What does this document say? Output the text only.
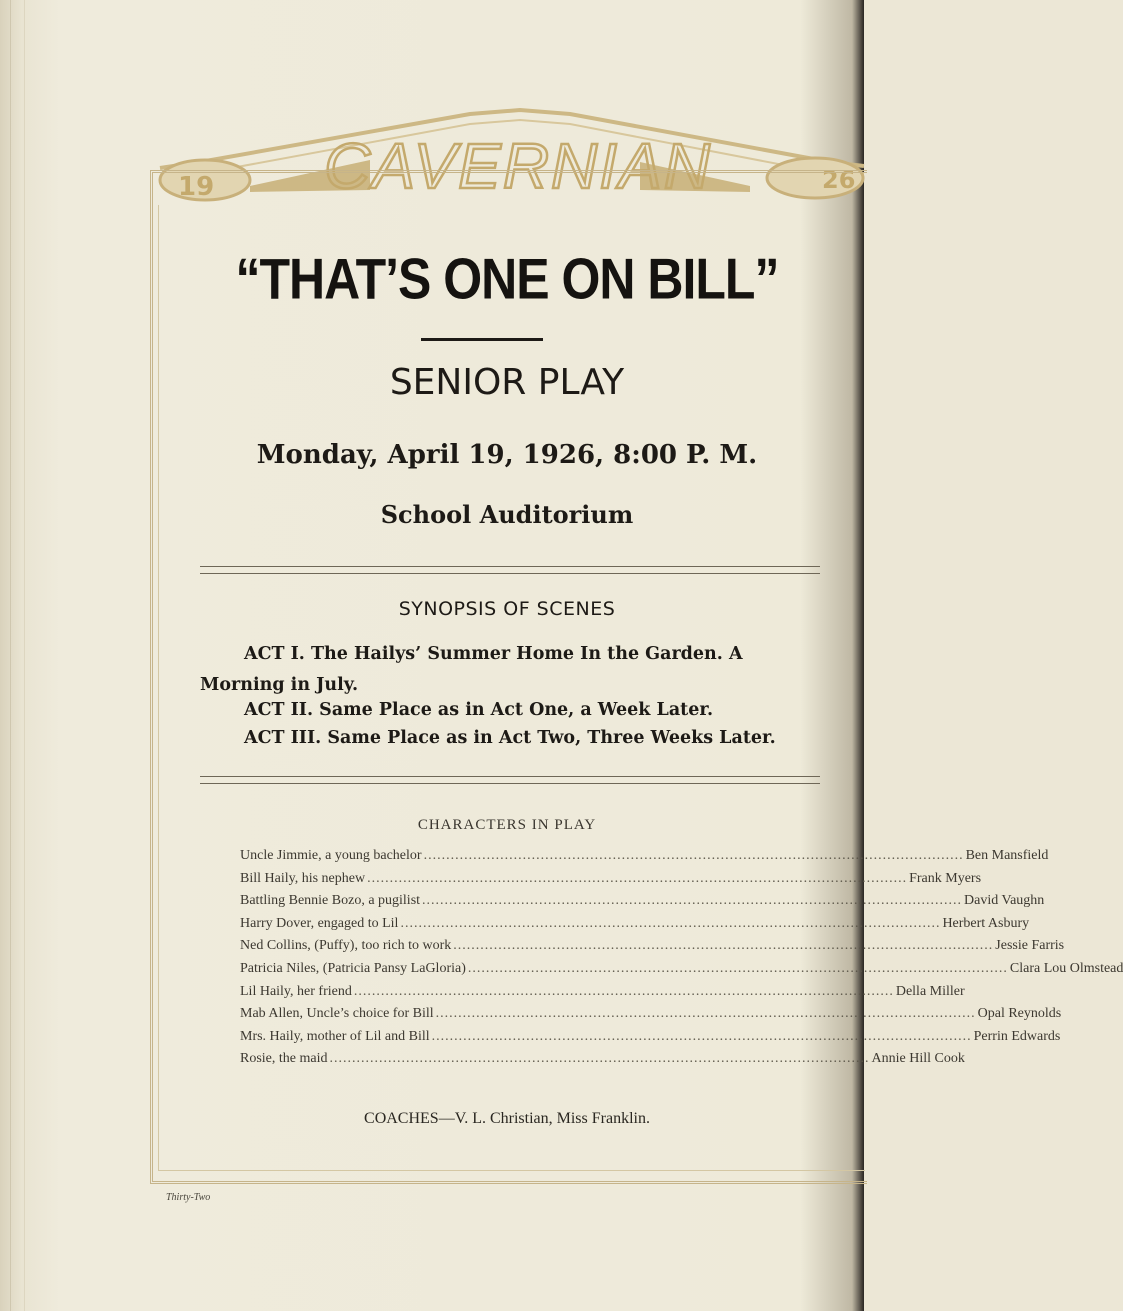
19	26
CAVERNIAN
“THAT’S ONE ON BILL”
SENIOR PLAY
Monday, April 19, 1926, 8:00 P. M.
School Auditorium
SYNOPSIS OF SCENES
ACT I. The Hailys’ Summer Home In the Garden. A
Morning in July.
ACT II. Same Place as in Act One, a Week Later.
ACT III. Same Place as in Act Two, Three Weeks Later.
CHARACTERS IN PLAY
Uncle Jimmie, a young bachelor ........................................................................................................................ Ben Mansfield
Bill Haily, his nephew ........................................................................................................................ Frank Myers
Battling Bennie Bozo, a pugilist ........................................................................................................................ David Vaughn
Harry Dover, engaged to Lil ........................................................................................................................ Herbert Asbury
Ned Collins, (Puffy), too rich to work ........................................................................................................................ Jessie Farris
Patricia Niles, (Patricia Pansy LaGloria) ........................................................................................................................ Clara Lou Olmstead
Lil Haily, her friend ........................................................................................................................ Della Miller
Mab Allen, Uncle’s choice for Bill ........................................................................................................................ Opal Reynolds
Mrs. Haily, mother of Lil and Bill ........................................................................................................................ Perrin Edwards
Rosie, the maid ........................................................................................................................ Annie Hill Cook
COACHES—V. L. Christian, Miss Franklin.
Thirty-Two
